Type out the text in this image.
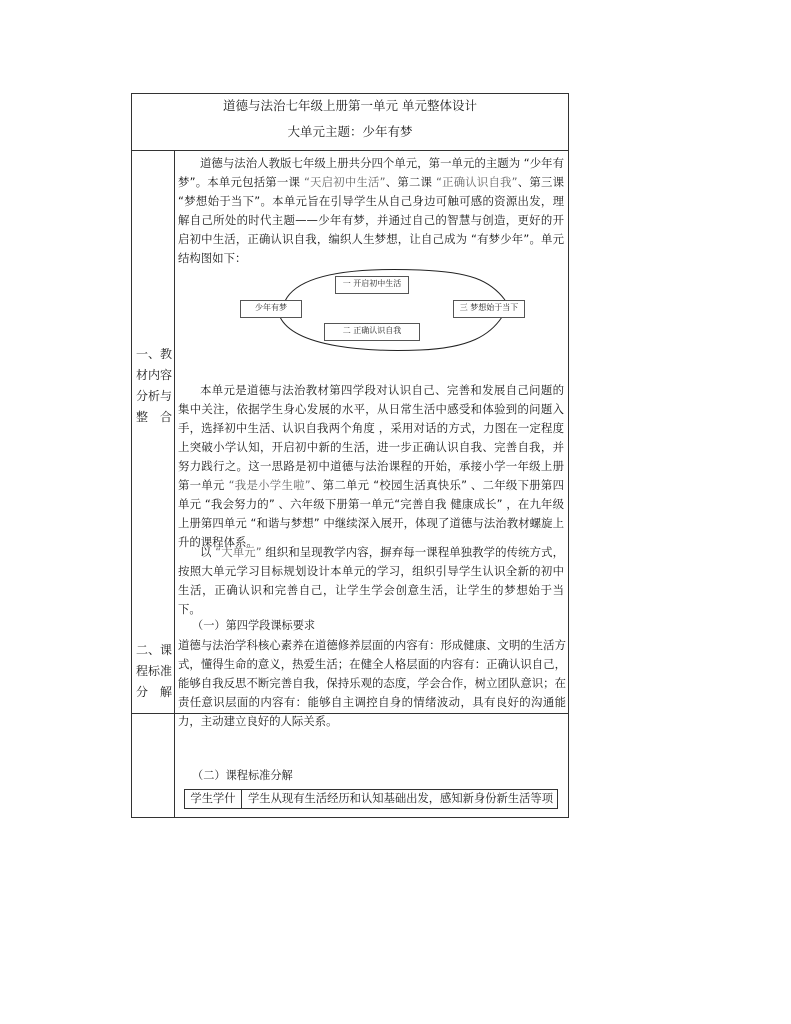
道德与法治七年级上册第一单元 单元整体设计
大单元主题：少年有梦
一、教材内容分析与整合
二、课程标准分解

道德与法治人教版七年级上册共分四个单元，第一单元的主题为 “少年有梦”。本单元包括第一课 “天启初中生活”、第二课 “正确认识自我”、第三课 “梦想始于当下”。本单元旨在引导学生从自己身边可触可感的资源出发，理解自己所处的时代主题——少年有梦，并通过自己的智慧与创造，更好的开启初中生活，正确认识自我，编织人生梦想，让自己成为 “有梦少年”。单元结构图如下：

本单元是道德与法治教材第四学段对认识自己、完善和发展自己问题的集中关注，依据学生身心发展的水平，从日常生活中感受和体验到的问题入手，选择初中生活、认识自我两个角度 ，采用对话的方式，力图在一定程度上突破小学认知，开启初中新的生活，进一步正确认识自我、完善自我，并努力践行之。这一思路是初中道德与法治课程的开始，承接小学一年级上册第一单元 “我是小学生啦”、第二单元 “校园生活真快乐” 、二年级下册第四单元 “我会努力的” 、六年级下册第一单元“完善自我 健康成长” ，在九年级上册第四单元 “和谐与梦想” 中继续深入展开，体现了道德与法治教材螺旋上升的课程体系。

以 “大单元” 组织和呈现教学内容，摒弃每一课程单独教学的传统方式，按照大单元学习目标规划设计本单元的学习，组织引导学生认识全新的初中生活，正确认识和完善自己，让学生学会创意生活，让学生的梦想始于当下。

（一）第四学段课标要求

道德与法治学科核心素养在道德修养层面的内容有：形成健康、文明的生活方式，懂得生命的意义，热爱生活；在健全人格层面的内容有：正确认识自己，能够自我反思不断完善自我，保持乐观的态度，学会合作，树立团队意识；在责任意识层面的内容有：能够自主调控自身的情绪波动，具有良好的沟通能力，主动建立良好的人际关系。

（二）课程标准分解
学生学什	学生从现有生活经历和认知基础出发，感知新身份新生活等项
少年有梦
一 开启初中生活
三 梦想始于当下
二 正确认识自我
